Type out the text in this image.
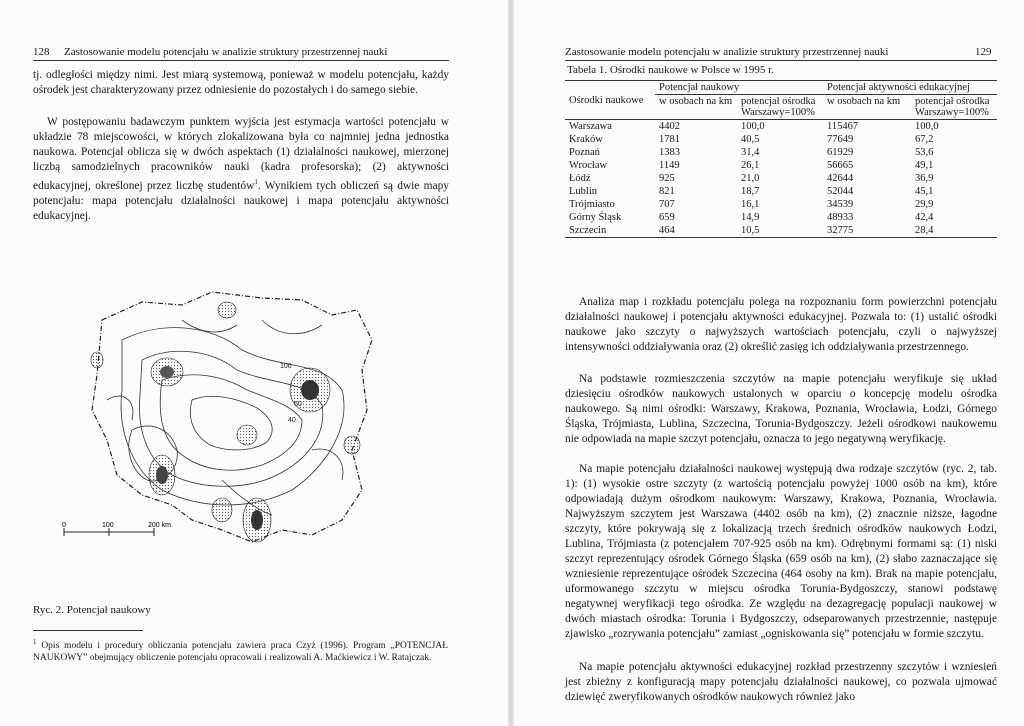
128 Zastosowanie modelu potencjału w analizie struktury przestrzennej nauki

tj. odległości między nimi. Jest miarą systemową, ponieważ w modelu potencjału, każdy ośrodek jest charakteryzowany przez odniesienie do pozostałych i do samego siebie.

W postępowaniu badawczym punktem wyjścia jest estymacja wartości potencjału w układzie 78 miejscowości, w których zlokalizowana była co najmniej jedna jednostka naukowa. Potencjał oblicza się w dwóch aspektach (1) działalności naukowej, mierzonej liczbą samodzielnych pracowników nauki (kadra profesorska); (2) aktywności edukacyjnej, określonej przez liczbę studentów$^1$. Wynikiem tych obliczeń są dwie mapy potencjału: mapa potencjału działalności naukowej i mapa potencjału aktywności edukacyjnej.

100
60
40
0	100	200 km
Ryc. 2. Potencjał naukowy

$^1$ Opis modelu i procedury obliczania potencjału zawiera praca Czyż (1996). Program „POTENCJAŁ NAUKOWY” obejmujący obliczenie potencjału opracowali i realizowali A. Maćkiewicz i W. Ratajczak.

Zastosowanie modelu potencjału w analizie struktury przestrzennej nauki	129
Tabela 1. Ośrodki naukowe w Polsce w 1995 r.
Ośrodki naukowe	Potencjał naukowy		Potencjał aktywności edukacyjnej	
	w osobach na km	potencjał ośrodka Warszawy=100%	w osobach na km	potencjał ośrodka Warszawy=100%
Warszawa	4402	100,0	115467	100,0
Kraków	1781	40,5	77649	67,2
Poznań	1383	31,4	61929	53,6
Wrocław	1149	26,1	56665	49,1
Łódź	925	21,0	42644	36,9
Lublin	821	18,7	52044	45,1
Trójmiasto	707	16,1	34539	29,9
Górny Śląsk	659	14,9	48933	42,4
Szczecin	464	10,5	32775	28,4

Analiza map i rozkładu potencjału polega na rozpoznaniu form powierzchni potencjału działalności naukowej i potencjału aktywności edukacyjnej. Pozwala to: (1) ustalić ośrodki naukowe jako szczyty o najwyższych wartościach potencjału, czyli o najwyższej intensywności oddziaływania oraz (2) określić zasięg ich oddziaływania przestrzennego.

Na podstawie rozmieszczenia szczytów na mapie potencjału weryfikuje się układ dziesięciu ośrodków naukowych ustalonych w oparciu o koncepcję modelu ośrodka naukowego. Są nimi ośrodki: Warszawy, Krakowa, Poznania, Wrocławia, Łodzi, Górnego Śląska, Trójmiasta, Lublina, Szczecina, Torunia-Bydgoszczy. Jeżeli ośrodkowi naukowemu nie odpowiada na mapie szczyt potencjału, oznacza to jego negatywną weryfikację.

Na mapie potencjału działalności naukowej występują dwa rodzaje szczytów (ryc. 2, tab. 1): (1) wysokie ostre szczyty (z wartością potencjału powyżej 1000 osób na km), które odpowiadają dużym ośrodkom naukowym: Warszawy, Krakowa, Poznania, Wrocławia. Najwyższym szczytem jest Warszawa (4402 osób na km), (2) znacznie niższe, łagodne szczyty, które pokrywają się z lokalizacją trzech średnich ośrodków naukowych Łodzi, Lublina, Trójmiasta (z potencjałem 707-925 osób na km). Odrębnymi formami są: (1) niski szczyt reprezentujący ośrodek Górnego Śląska (659 osób na km), (2) słabo zaznaczające się wzniesienie reprezentujące ośrodek Szczecina (464 osoby na km). Brak na mapie potencjału, uformowanego szczytu w miejscu ośrodka Torunia-Bydgoszczy, stanowi podstawę negatywnej weryfikacji tego ośrodka. Ze względu na dezagregację populacji naukowej w dwóch miastach ośrodka: Torunia i Bydgoszczy, odseparowanych przestrzennie, następuje zjawisko „rozrywania potencjału” zamiast „ogniskowania się” potencjału w formie szczytu.

Na mapie potencjału aktywności edukacyjnej rozkład przestrzenny szczytów i wzniesień jest zbieżny z konfiguracją mapy potencjału działalności naukowej, co pozwala ujmować dziewięć zweryfikowanych ośrodków naukowych również jako
